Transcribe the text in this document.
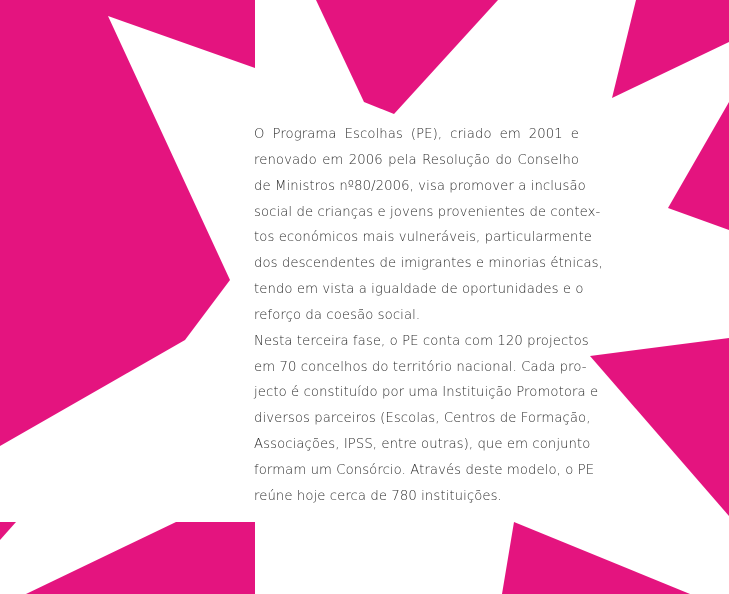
O Programa Escolhas (PE), criado em 2001 e
renovado em 2006 pela Resolução do Conselho
de Ministros nº80/2006, visa promover a inclusão
social de crianças e jovens provenientes de contex-
tos económicos mais vulneráveis, particularmente
dos descendentes de imigrantes e minorias étnicas,
tendo em vista a igualdade de oportunidades e o
reforço da coesão social.
Nesta terceira fase, o PE conta com 120 projectos
em 70 concelhos do território nacional. Cada pro-
jecto é constituído por uma Instituição Promotora e
diversos parceiros (Escolas, Centros de Formação,
Associações, IPSS, entre outras), que em conjunto
formam um Consórcio. Através deste modelo, o PE
reúne hoje cerca de 780 instituições.
